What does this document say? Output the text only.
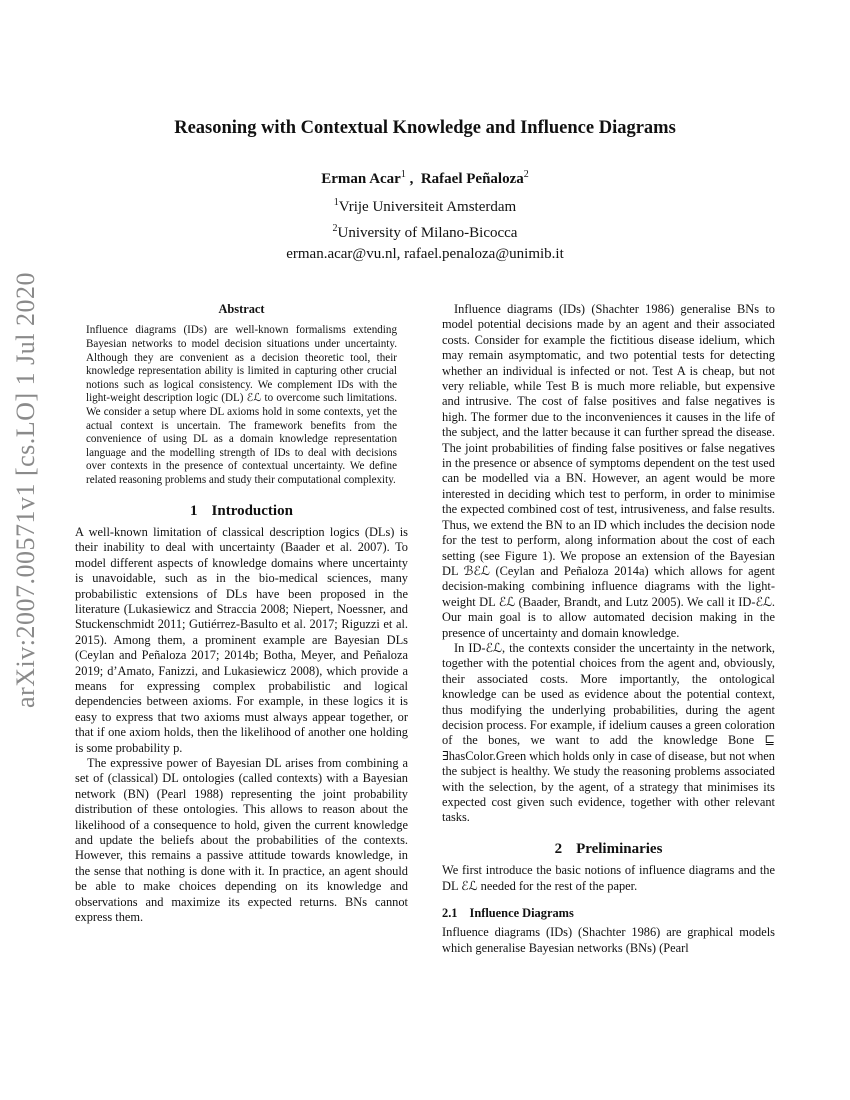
arXiv:2007.00571v1 [cs.LO] 1 Jul 2020
Reasoning with Contextual Knowledge and Influence Diagrams
Erman Acar$^1$ ,  Rafael Peñaloza$^2$
$^1$Vrije Universiteit Amsterdam
$^2$University of Milano-Bicocca
erman.acar@vu.nl, rafael.penaloza@unimib.it
Abstract

Influence diagrams (IDs) are well-known formalisms extending Bayesian networks to model decision situations under uncertainty. Although they are convenient as a decision theoretic tool, their knowledge representation ability is limited in capturing other crucial notions such as logical consistency. We complement IDs with the light-weight description logic (DL) ℰℒ to overcome such limitations. We consider a setup where DL axioms hold in some contexts, yet the actual context is uncertain. The framework benefits from the convenience of using DL as a domain knowledge representation language and the modelling strength of IDs to deal with decisions over contexts in the presence of contextual uncertainty. We define related reasoning problems and study their computational complexity.

1 Introduction

A well-known limitation of classical description logics (DLs) is their inability to deal with uncertainty (Baader et al. 2007). To model different aspects of knowledge domains where uncertainty is unavoidable, such as in the bio-medical sciences, many probabilistic extensions of DLs have been proposed in the literature (Lukasiewicz and Straccia 2008; Niepert, Noessner, and Stuckenschmidt 2011; Gutiérrez-Basulto et al. 2017; Riguzzi et al. 2015). Among them, a prominent example are Bayesian DLs (Ceylan and Peñaloza 2017; 2014b; Botha, Meyer, and Peñaloza 2019; d’Amato, Fanizzi, and Lukasiewicz 2008), which provide a means for expressing complex probabilistic and logical dependencies between axioms. For example, in these logics it is easy to express that two axioms must always appear together, or that if one axiom holds, then the likelihood of another one holding is some probability p.

The expressive power of Bayesian DL arises from combining a set of (classical) DL ontologies (called contexts) with a Bayesian network (BN) (Pearl 1988) representing the joint probability distribution of these ontologies. This allows to reason about the likelihood of a consequence to hold, given the current knowledge and update the beliefs about the probabilities of the contexts. However, this remains a passive attitude towards knowledge, in the sense that nothing is done with it. In practice, an agent should be able to make choices depending on its knowledge and observations and maximize its expected returns. BNs cannot express them.

Influence diagrams (IDs) (Shachter 1986) generalise BNs to model potential decisions made by an agent and their associated costs. Consider for example the fictitious disease idelium, which may remain asymptomatic, and two potential tests for detecting whether an individual is infected or not. Test A is cheap, but not very reliable, while Test B is much more reliable, but expensive and intrusive. The cost of false positives and false negatives is high. The former due to the inconveniences it causes in the life of the subject, and the latter because it can further spread the disease. The joint probabilities of finding false positives or false negatives in the presence or absence of symptoms dependent on the test used can be modelled via a BN. However, an agent would be more interested in deciding which test to perform, in order to minimise the expected combined cost of test, intrusiveness, and false results. Thus, we extend the BN to an ID which includes the decision node for the test to perform, along information about the cost of each setting (see Figure 1). We propose an extension of the Bayesian DL ℬℰℒ (Ceylan and Peñaloza 2014a) which allows for agent decision-making combining influence diagrams with the light-weight DL ℰℒ (Baader, Brandt, and Lutz 2005). We call it ID-ℰℒ. Our main goal is to allow automated decision making in the presence of uncertainty and domain knowledge.

In ID-ℰℒ, the contexts consider the uncertainty in the network, together with the potential choices from the agent and, obviously, their associated costs. More importantly, the ontological knowledge can be used as evidence about the potential context, thus modifying the underlying probabilities, during the agent decision process. For example, if idelium causes a green coloration of the bones, we want to add the knowledge Bone ⊑ ∃hasColor.Green which holds only in case of disease, but not when the subject is healthy. We study the reasoning problems associated with the selection, by the agent, of a strategy that minimises its expected cost given such evidence, together with other relevant tasks.

2 Preliminaries

We first introduce the basic notions of influence diagrams and the DL ℰℒ needed for the rest of the paper.

2.1 Influence Diagrams

Influence diagrams (IDs) (Shachter 1986) are graphical models which generalise Bayesian networks (BNs) (Pearl
